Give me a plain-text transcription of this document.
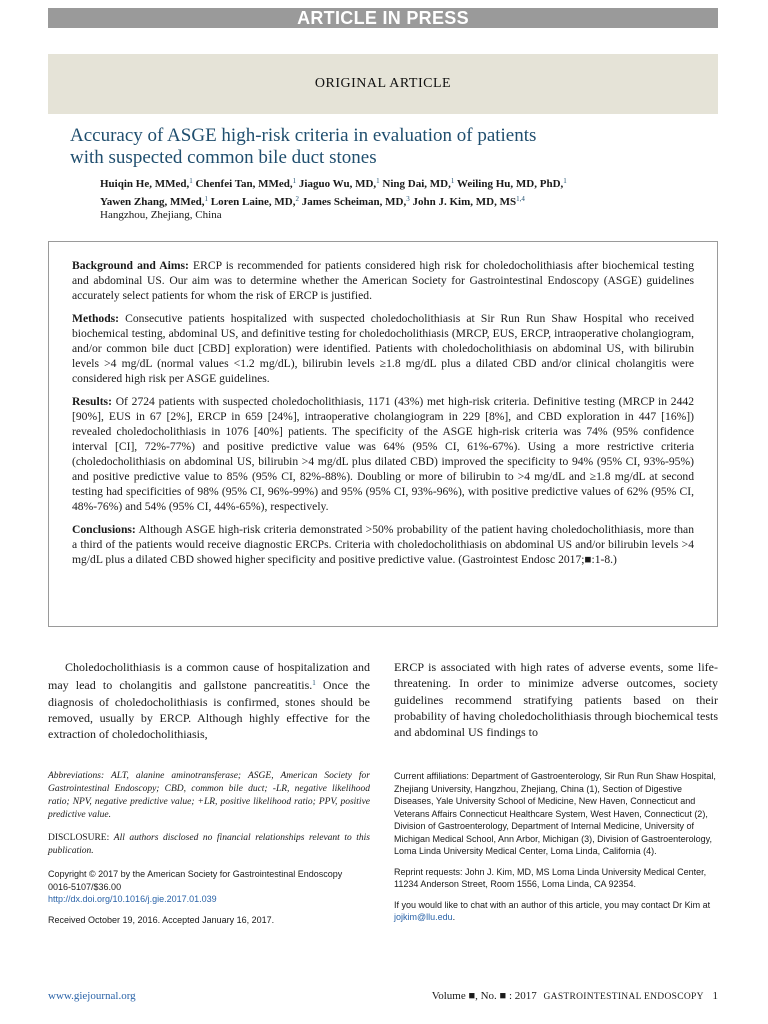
ARTICLE IN PRESS
ORIGINAL ARTICLE
Accuracy of ASGE high-risk criteria in evaluation of patients
with suspected common bile duct stones
Huiqin He, MMed,$^1$ Chenfei Tan, MMed,$^1$ Jiaguo Wu, MD,$^1$ Ning Dai, MD,$^1$ Weiling Hu, MD, PhD,$^1$
Yawen Zhang, MMed,$^1$ Loren Laine, MD,$^2$ James Scheiman, MD,$^3$ John J. Kim, MD, MS$^{1,4}$
Hangzhou, Zhejiang, China

Background and Aims: ERCP is recommended for patients considered high risk for choledocholithiasis after biochemical testing and abdominal US. Our aim was to determine whether the American Society for Gastrointestinal Endoscopy (ASGE) guidelines accurately select patients for whom the risk of ERCP is justified.

Methods: Consecutive patients hospitalized with suspected choledocholithiasis at Sir Run Run Shaw Hospital who received biochemical testing, abdominal US, and definitive testing for choledocholithiasis (MRCP, EUS, ERCP, intraoperative cholangiogram, and/or common bile duct [CBD] exploration) were identified. Patients with choledocholithiasis on abdominal US, with bilirubin levels >4 mg/dL (normal values <1.2 mg/dL), bilirubin levels ≥1.8 mg/dL plus a dilated CBD and/or clinical cholangitis were considered high risk per ASGE guidelines.

Results: Of 2724 patients with suspected choledocholithiasis, 1171 (43%) met high-risk criteria. Definitive testing (MRCP in 2442 [90%], EUS in 67 [2%], ERCP in 659 [24%], intraoperative cholangiogram in 229 [8%], and CBD exploration in 447 [16%]) revealed choledocholithiasis in 1076 [40%] patients. The specificity of the ASGE high-risk criteria was 74% (95% confidence interval [CI], 72%-77%) and positive predictive value was 64% (95% CI, 61%-67%). Using a more restrictive criteria (choledocholithiasis on abdominal US, bilirubin >4 mg/dL plus dilated CBD) improved the specificity to 94% (95% CI, 93%-95%) and positive predictive value to 85% (95% CI, 82%-88%). Doubling or more of bilirubin to >4 mg/dL and ≥1.8 mg/dL at second testing had specificities of 98% (95% CI, 96%-99%) and 95% (95% CI, 93%-96%), with positive predictive values of 62% (95% CI, 48%-76%) and 54% (95% CI, 44%-65%), respectively.

Conclusions: Although ASGE high-risk criteria demonstrated >50% probability of the patient having choledocholithiasis, more than a third of the patients would receive diagnostic ERCPs. Criteria with choledocholithiasis on abdominal US and/or bilirubin levels >4 mg/dL plus a dilated CBD showed higher specificity and positive predictive value. (Gastrointest Endosc 2017;■:1-8.)

Choledocholithiasis is a common cause of hospitalization and may lead to cholangitis and gallstone pancreatitis.$^1$ Once the diagnosis of choledocholithiasis is confirmed, stones should be removed, usually by ERCP. Although highly effective for the extraction of choledocholithiasis,
ERCP is associated with high rates of adverse events, some life-threatening. In order to minimize adverse outcomes, society guidelines recommend stratifying patients based on their probability of having choledocholithiasis through biochemical tests and abdominal US findings to
Abbreviations: ALT, alanine aminotransferase; ASGE, American Society for Gastrointestinal Endoscopy; CBD, common bile duct; -LR, negative likelihood ratio; NPV, negative predictive value; +LR, positive likelihood ratio; PPV, positive predictive value.
DISCLOSURE: All authors disclosed no financial relationships relevant to this publication.
Copyright © 2017 by the American Society for Gastrointestinal Endoscopy
0016-5107/$36.00
http://dx.doi.org/10.1016/j.gie.2017.01.039
Received October 19, 2016. Accepted January 16, 2017.

Current affiliations: Department of Gastroenterology, Sir Run Run Shaw Hospital, Zhejiang University, Hangzhou, Zhejiang, China (1), Section of Digestive Diseases, Yale University School of Medicine, New Haven, Connecticut and Veterans Affairs Connecticut Healthcare System, West Haven, Connecticut (2), Division of Gastroenterology, Department of Internal Medicine, University of Michigan Medical School, Ann Arbor, Michigan (3), Division of Gastroenterology, Loma Linda University Medical Center, Loma Linda, California (4).

Reprint requests: John J. Kim, MD, MS Loma Linda University Medical Center, 11234 Anderson Street, Room 1556, Loma Linda, CA 92354.

If you would like to chat with an author of this article, you may contact Dr Kim at jojkim@llu.edu.

www.giejournal.org	Volume ■, No. ■ : 2017 GASTROINTESTINAL ENDOSCOPY 1
